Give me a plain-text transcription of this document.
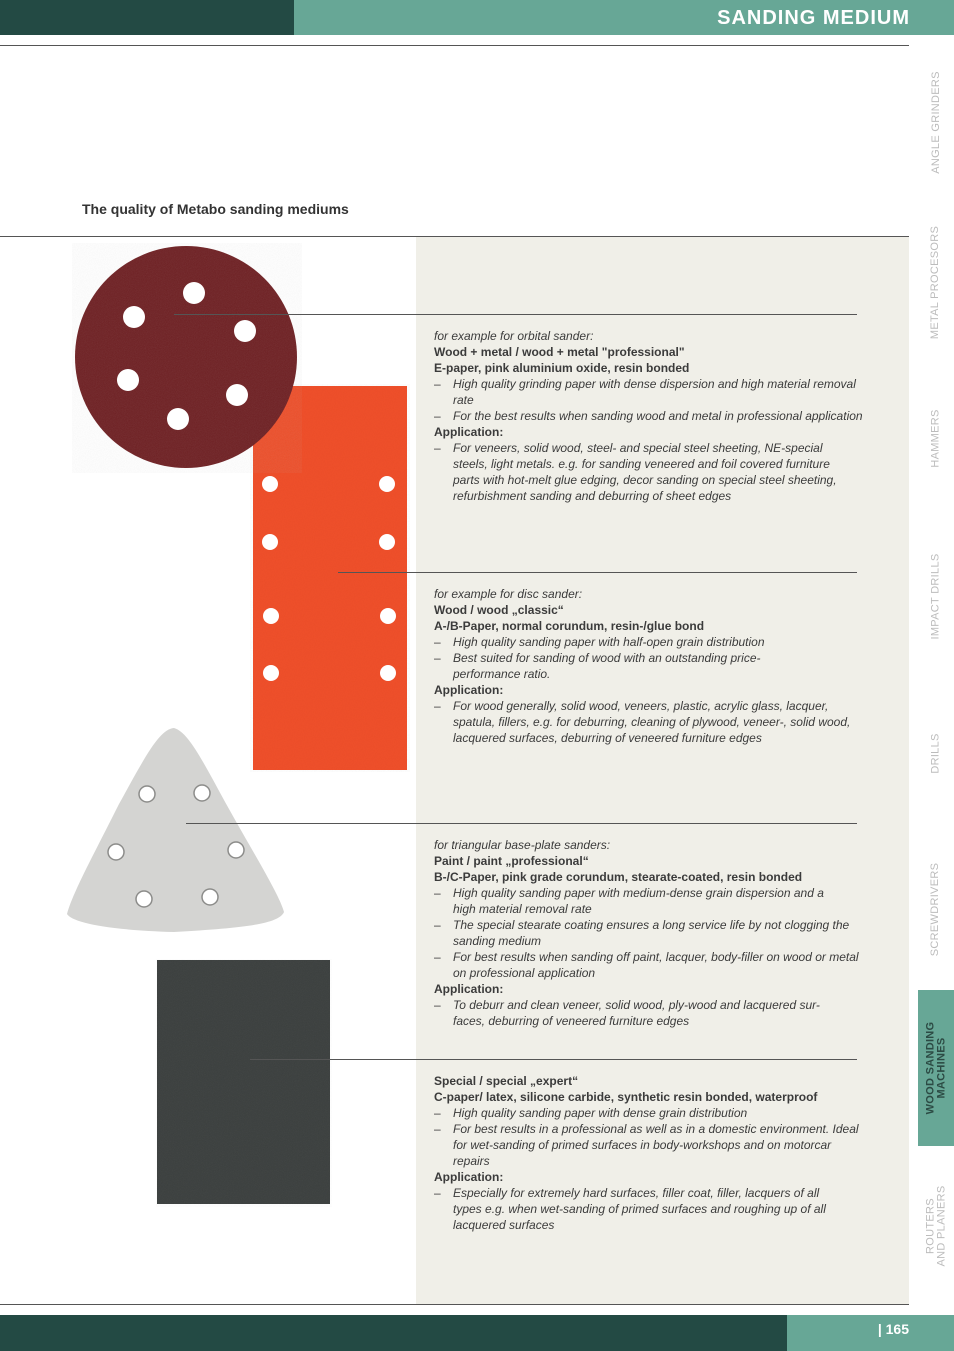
SANDING MEDIUM
ANGLE GRINDERS
METAL PROCESORS
HAMMERS
IMPACT DRILLS
DRILLS
SCREWDRIVERS
WOOD SANDING MACHINES
ROUTERS AND PLANERS
The quality of Metabo sanding mediums
for example for orbital sander:
Wood + metal / wood + metal "professional"
E-paper, pink aluminium oxide, resin bonded
– High quality grinding paper with dense dispersion and high material removal rate
– For the best results when sanding wood and metal in professional application
Application:
– For veneers, solid wood, steel- and special steel sheeting, NE-special steels, light metals. e.g. for sanding veneered and foil covered furniture parts with hot-melt glue edging, decor sanding on special steel sheeting, refurbishment sanding and deburring of sheet edges
for example for disc sander:
Wood / wood „classic“
A-/B-Paper, normal corundum, resin-/glue bond
– High quality sanding paper with half-open grain distribution
– Best suited for sanding of wood with an outstanding price-performance ratio.
Application:
– For wood generally, solid wood, veneers, plastic, acrylic glass, lacquer, spatula, fillers, e.g. for deburring, cleaning of plywood, veneer-, solid wood, lacquered surfaces, deburring of veneered furniture edges
for triangular base-plate sanders:
Paint / paint „professional“
B-/C-Paper, pink grade corundum, stearate-coated, resin bonded
– High quality sanding paper with medium-dense grain dispersion and a high material removal rate
– The special stearate coating ensures a long service life by not clogging the sanding medium
– For best results when sanding off paint, lacquer, body-filler on wood or metal on professional application
Application:
– To deburr and clean veneer, solid wood, ply-wood and lacquered sur-faces, deburring of veneered furniture edges
Special / special „expert“
C-paper/ latex, silicone carbide, synthetic resin bonded, waterproof
– High quality sanding paper with dense grain distribution
– For best results in a professional as well as in a domestic environment. Ideal for wet-sanding of primed surfaces in body-workshops and on motorcar repairs
Application:
– Especially for extremely hard surfaces, filler coat, filler, lacquers of all types e.g. when wet-sanding of primed surfaces and roughing up of all lacquered surfaces
| 165
